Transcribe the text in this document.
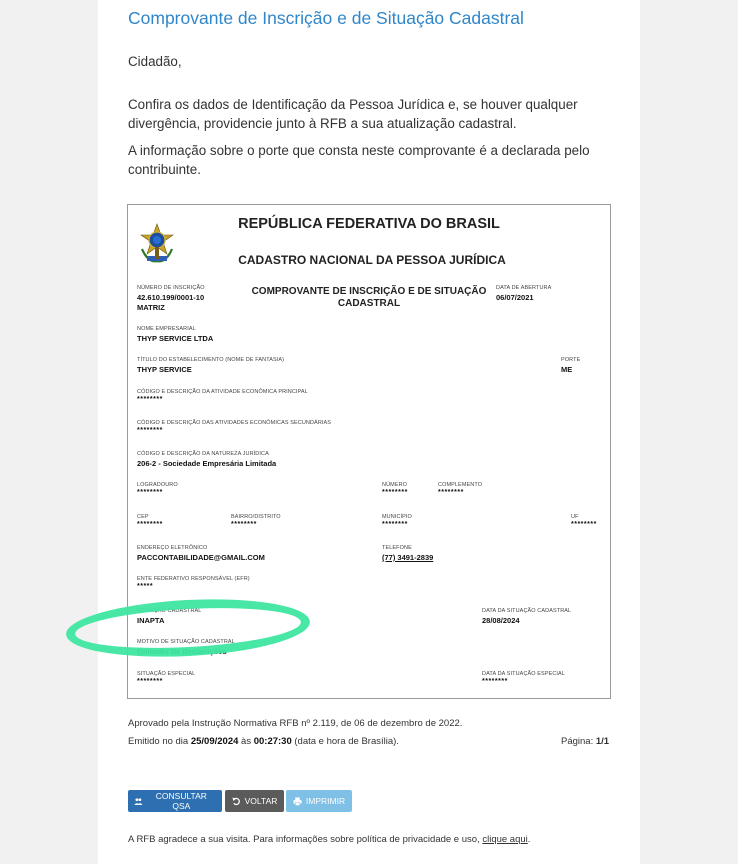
Comprovante de Inscrição e de Situação Cadastral
Cidadão,
Confira os dados de Identificação da Pessoa Jurídica e, se houver qualquer divergência, providencie junto à RFB a sua atualização cadastral.
A informação sobre o porte que consta neste comprovante é a declarada pelo contribuinte.
REPÚBLICA FEDERATIVA DO BRASIL
CADASTRO NACIONAL DA PESSOA JURÍDICA
COMPROVANTE DE INSCRIÇÃO E DE SITUAÇÃO CADASTRAL
NÚMERO DE INSCRIÇÃO
42.610.199/0001-10
MATRIZ
DATA DE ABERTURA
06/07/2021
NOME EMPRESARIAL
THYP SERVICE LTDA
TÍTULO DO ESTABELECIMENTO (NOME DE FANTASIA)
THYP SERVICE
PORTE
ME
CÓDIGO E DESCRIÇÃO DA ATIVIDADE ECONÔMICA PRINCIPAL
********
CÓDIGO E DESCRIÇÃO DAS ATIVIDADES ECONÔMICAS SECUNDÁRIAS
********
CÓDIGO E DESCRIÇÃO DA NATUREZA JURÍDICA
206-2 - Sociedade Empresária Limitada
LOGRADOURO
********
NÚMERO
********
COMPLEMENTO
********
CEP
********
BAIRRO/DISTRITO
********
MUNICÍPIO
********
UF
********
ENDEREÇO ELETRÔNICO
PACCONTABILIDADE@GMAIL.COM
TELEFONE
(77) 3491-2839
ENTE FEDERATIVO RESPONSÁVEL (EFR)
*****
SITUAÇÃO CADASTRAL
INAPTA
DATA DA SITUAÇÃO CADASTRAL
28/08/2024
MOTIVO DE SITUAÇÃO CADASTRAL
Omissão De Declarações
SITUAÇÃO ESPECIAL
********
DATA DA SITUAÇÃO ESPECIAL
********
Aprovado pela Instrução Normativa RFB nº 2.119, de 06 de dezembro de 2022.
Emitido no dia 25/09/2024 às 00:27:30 (data e hora de Brasília).	Página: 1/1
CONSULTAR QSA	VOLTAR	IMPRIMIR
A RFB agradece a sua visita. Para informações sobre política de privacidade e uso, clique aqui.
